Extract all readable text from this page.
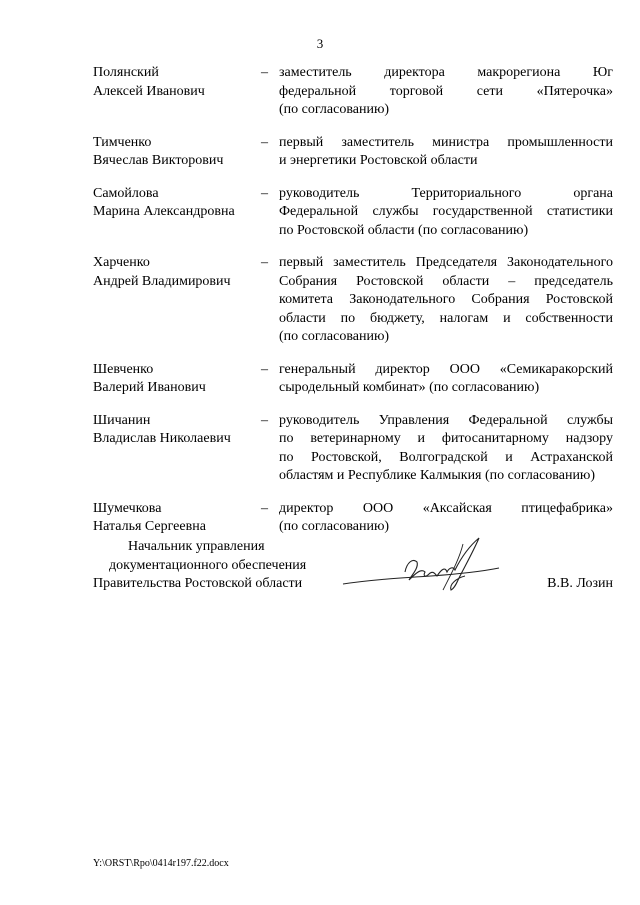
3
Полянский
Алексей Иванович
– заместитель директора макрорегиона Юг
федеральной торговой сети «Пятерочка»
(по согласованию)
Тимченко
Вячеслав Викторович
– первый заместитель министра промышленности
и энергетики Ростовской области
Самойлова
Марина Александровна
– руководитель Территориального органа
Федеральной службы государственной статистики
по Ростовской области (по согласованию)
Харченко
Андрей Владимирович
– первый заместитель Председателя Законодательного
Собрания Ростовской области – председатель
комитета Законодательного Собрания Ростовской
области по бюджету, налогам и собственности
(по согласованию)
Шевченко
Валерий Иванович
– генеральный директор ООО «Семикаракорский
сыродельный комбинат» (по согласованию)
Шичанин
Владислав Николаевич
– руководитель Управления Федеральной службы
по ветеринарному и фитосанитарному надзору
по Ростовской, Волгоградской и Астраханской
областям и Республике Калмыкия (по согласованию)
Шумечкова
Наталья Сергеевна
– директор ООО «Аксайская птицефабрика»
(по согласованию)
Начальник управления
документационного обеспечения
Правительства Ростовской области	В.В. Лозин
Y:\ORST\Rpo\0414r197.f22.docx
